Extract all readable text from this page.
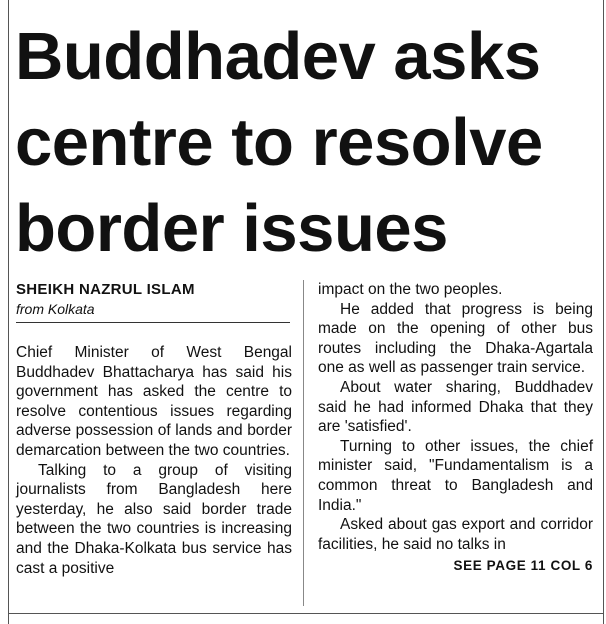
Buddhadev asks centre to resolve border issues

SHEIKH NAZRUL ISLAM

from Kolkata

Chief Minister of West Bengal Buddhadev Bhattacharya has said his government has asked the centre to resolve contentious issues regarding adverse possession of lands and border demarcation between the two countries.

Talking to a group of visiting journalists from Bangladesh here yesterday, he also said border trade between the two countries is increasing and the Dhaka-Kolkata bus service has cast a positive

impact on the two peoples.

He added that progress is being made on the opening of other bus routes including the Dhaka-Agartala one as well as passenger train service.

About water sharing, Buddhadev said he had informed Dhaka that they are 'satisfied'.

Turning to other issues, the chief minister said, "Fundamentalism is a common threat to Bangladesh and India."

Asked about gas export and corridor facilities, he said no talks in

SEE PAGE 11 COL 6
